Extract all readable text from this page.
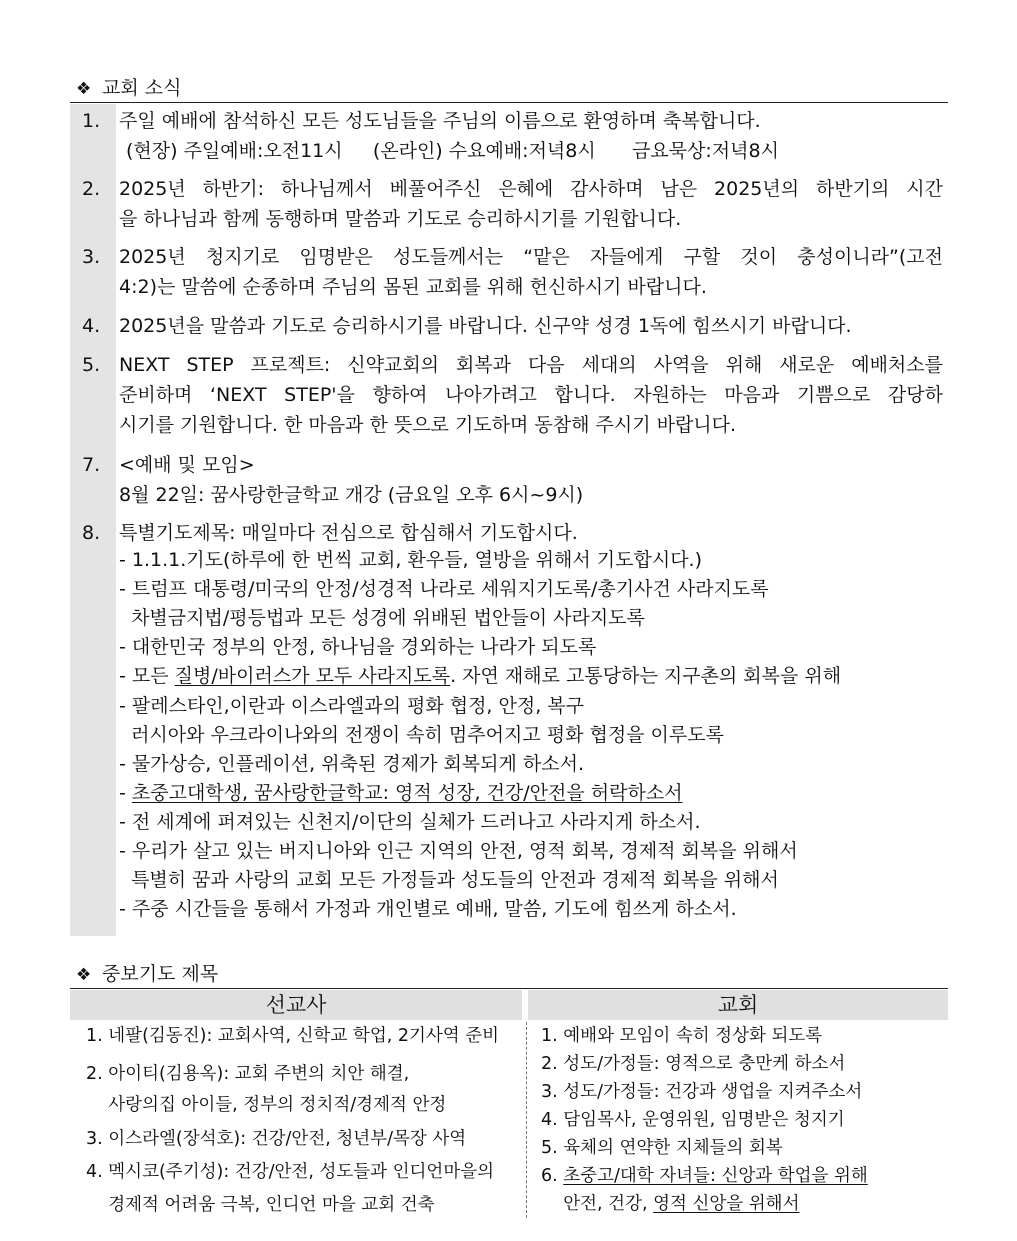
❖ 교회 소식
1. 주일 예배에 참석하신 모든 성도님들을 주님의 이름으로 환영하며 축복합니다.
(현장) 주일예배:오전11시     (온라인) 수요예배:저녁8시      금요묵상:저녁8시
2. 2025년 하반기: 하나님께서 베풀어주신 은혜에 감사하며 남은 2025년의 하반기의 시간
을 하나님과 함께 동행하며 말씀과 기도로 승리하시기를 기원합니다.
3. 2025년 청지기로 임명받은 성도들께서는 “맡은 자들에게 구할 것이 충성이니라”(고전
4:2)는 말씀에 순종하며 주님의 몸된 교회를 위해 헌신하시기 바랍니다.
4. 2025년을 말씀과 기도로 승리하시기를 바랍니다. 신구약 성경 1독에 힘쓰시기 바랍니다.
5. NEXT STEP 프로젝트: 신약교회의 회복과 다음 세대의 사역을 위해 새로운 예배처소를
준비하며 ‘NEXT STEP'을 향하여 나아가려고 합니다. 자원하는 마음과 기쁨으로 감당하
시기를 기원합니다. 한 마음과 한 뜻으로 기도하며 동참해 주시기 바랍니다.
7. <예배 및 모임>
8월 22일: 꿈사랑한글학교 개강 (금요일 오후 6시~9시)
8. 특별기도제목: 매일마다 전심으로 합심해서 기도합시다.
- 1.1.1.기도(하루에 한 번씩 교회, 환우들, 열방을 위해서 기도합시다.)
- 트럼프 대통령/미국의 안정/성경적 나라로 세워지기도록/총기사건 사라지도록
차별금지법/평등법과 모든 성경에 위배된 법안들이 사라지도록
- 대한민국 정부의 안정, 하나님을 경외하는 나라가 되도록
- 모든 질병/바이러스가 모두 사라지도록. 자연 재해로 고통당하는 지구촌의 회복을 위해
- 팔레스타인,이란과 이스라엘과의 평화 협정, 안정, 복구
러시아와 우크라이나와의 전쟁이 속히 멈추어지고 평화 협정을 이루도록
- 물가상승, 인플레이션, 위축된 경제가 회복되게 하소서.
- 초중고대학생, 꿈사랑한글학교: 영적 성장, 건강/안전을 허락하소서
- 전 세계에 퍼져있는 신천지/이단의 실체가 드러나고 사라지게 하소서.
- 우리가 살고 있는 버지니아와 인근 지역의 안전, 영적 회복, 경제적 회복을 위해서
특별히 꿈과 사랑의 교회 모든 가정들과 성도들의 안전과 경제적 회복을 위해서
- 주중 시간들을 통해서 가정과 개인별로 예배, 말씀, 기도에 힘쓰게 하소서.
❖ 중보기도 제목
선교사	교회
1. 네팔(김동진): 교회사역, 신학교 학업, 2기사역 준비
2. 아이티(김용옥): 교회 주변의 치안 해결,
사랑의집 아이들, 정부의 정치적/경제적 안정
3. 이스라엘(장석호): 건강/안전, 청년부/목장 사역
4. 멕시코(주기성): 건강/안전, 성도들과 인디언마을의
경제적 어려움 극복, 인디언 마을 교회 건축
1. 예배와 모임이 속히 정상화 되도록
2. 성도/가정들: 영적으로 충만케 하소서
3. 성도/가정들: 건강과 생업을 지켜주소서
4. 담임목사, 운영위원, 임명받은 청지기
5. 육체의 연약한 지체들의 회복
6. 초중고/대학 자녀들: 신앙과 학업을 위해
안전, 건강, 영적 신앙을 위해서
